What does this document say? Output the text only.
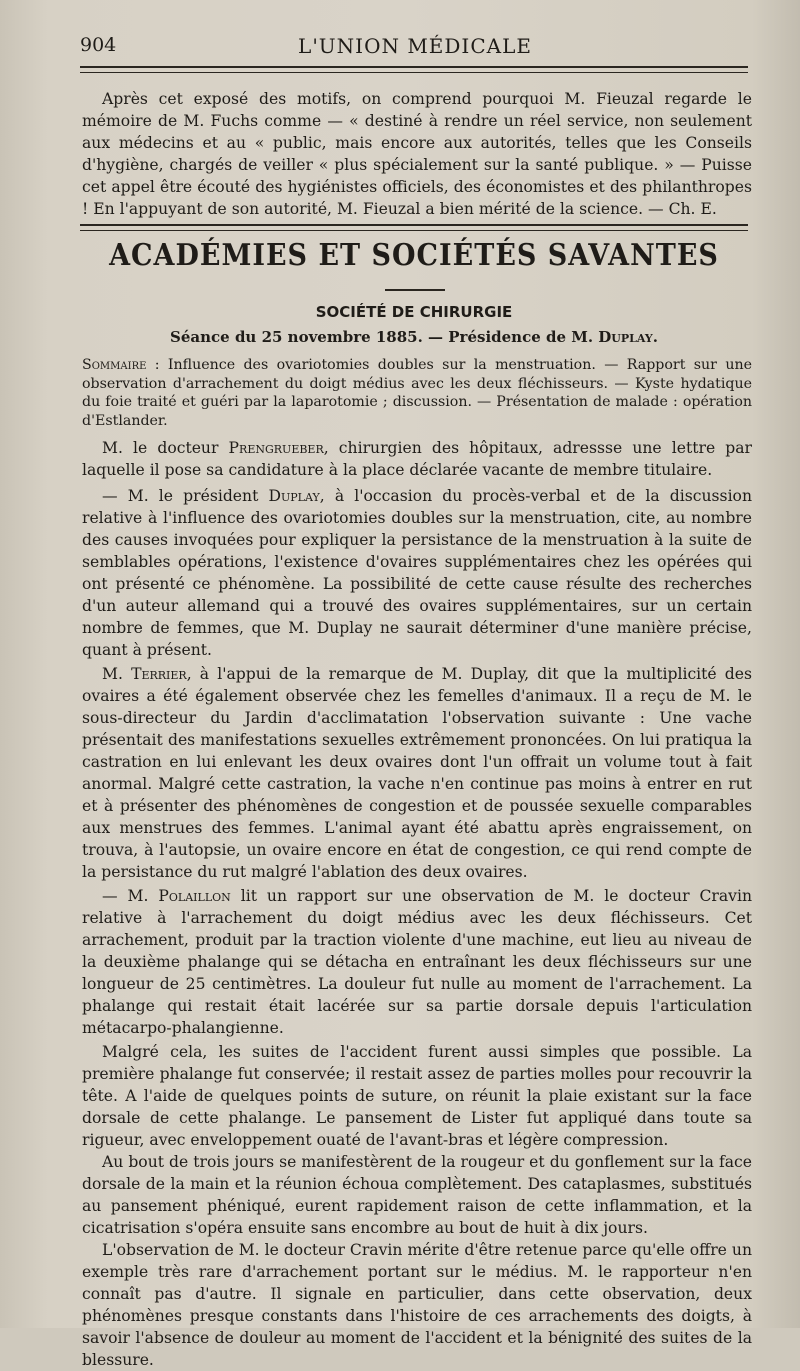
904	L'UNION MÉDICALE

Après cet exposé des motifs, on comprend pourquoi M. Fieuzal regarde le mémoire de M. Fuchs comme — « destiné à rendre un réel service, non seulement aux médecins et au « public, mais encore aux autorités, telles que les Conseils d'hygiène, chargés de veiller « plus spécialement sur la santé publique. » — Puisse cet appel être écouté des hygiénistes officiels, des économistes et des philanthropes ! En l'appuyant de son autorité, M. Fieuzal a bien mérité de la science. — Ch. E.

ACADÉMIES ET SOCIÉTÉS SAVANTES
SOCIÉTÉ DE CHIRURGIE
Séance du 25 novembre 1885. — Présidence de M. Duplay.

Sommaire : Influence des ovariotomies doubles sur la menstruation. — Rapport sur une observation d'arrachement du doigt médius avec les deux fléchisseurs. — Kyste hydatique du foie traité et guéri par la laparotomie ; discussion. — Présentation de malade : opération d'Estlander.

M. le docteur Prengrueber, chirurgien des hôpitaux, adressse une lettre par laquelle il pose sa candidature à la place déclarée vacante de membre titulaire.

— M. le président Duplay, à l'occasion du procès-verbal et de la discussion relative à l'influence des ovariotomies doubles sur la menstruation, cite, au nombre des causes invoquées pour expliquer la persistance de la menstruation à la suite de semblables opérations, l'existence d'ovaires supplémentaires chez les opérées qui ont présenté ce phénomène. La possibilité de cette cause résulte des recherches d'un auteur allemand qui a trouvé des ovaires supplémentaires, sur un certain nombre de femmes, que M. Duplay ne saurait déterminer d'une manière précise, quant à présent.

M. Terrier, à l'appui de la remarque de M. Duplay, dit que la multiplicité des ovaires a été également observée chez les femelles d'animaux. Il a reçu de M. le sous-directeur du Jardin d'acclimatation l'observation suivante : Une vache présentait des manifestations sexuelles extrêmement prononcées. On lui pratiqua la castration en lui enlevant les deux ovaires dont l'un offrait un volume tout à fait anormal. Malgré cette castration, la vache n'en continue pas moins à entrer en rut et à présenter des phénomènes de congestion et de poussée sexuelle comparables aux menstrues des femmes. L'animal ayant été abattu après engraissement, on trouva, à l'autopsie, un ovaire encore en état de congestion, ce qui rend compte de la persistance du rut malgré l'ablation des deux ovaires.

— M. Polaillon lit un rapport sur une observation de M. le docteur Cravin relative à l'arrachement du doigt médius avec les deux fléchisseurs. Cet arrachement, produit par la traction violente d'une machine, eut lieu au niveau de la deuxième phalange qui se détacha en entraînant les deux fléchisseurs sur une longueur de 25 centimètres. La douleur fut nulle au moment de l'arrachement. La phalange qui restait était lacérée sur sa partie dorsale depuis l'articulation métacarpo-phalangienne.

Malgré cela, les suites de l'accident furent aussi simples que possible. La première phalange fut conservée; il restait assez de parties molles pour recouvrir la tête. A l'aide de quelques points de suture, on réunit la plaie existant sur la face dorsale de cette phalange. Le pansement de Lister fut appliqué dans toute sa rigueur, avec enveloppement ouaté de l'avant-bras et légère compression.

Au bout de trois jours se manifestèrent de la rougeur et du gonflement sur la face dorsale de la main et la réunion échoua complètement. Des cataplasmes, substitués au pansement phéniqué, eurent rapidement raison de cette inflammation, et la cicatrisation s'opéra ensuite sans encombre au bout de huit à dix jours.

L'observation de M. le docteur Cravin mérite d'être retenue parce qu'elle offre un exemple très rare d'arrachement portant sur le médius. M. le rapporteur n'en connaît pas d'autre. Il signale en particulier, dans cette observation, deux phénomènes presque constants dans l'histoire de ces arrachements des doigts, à savoir l'absence de douleur au moment de l'accident et la bénignité des suites de la blessure.
